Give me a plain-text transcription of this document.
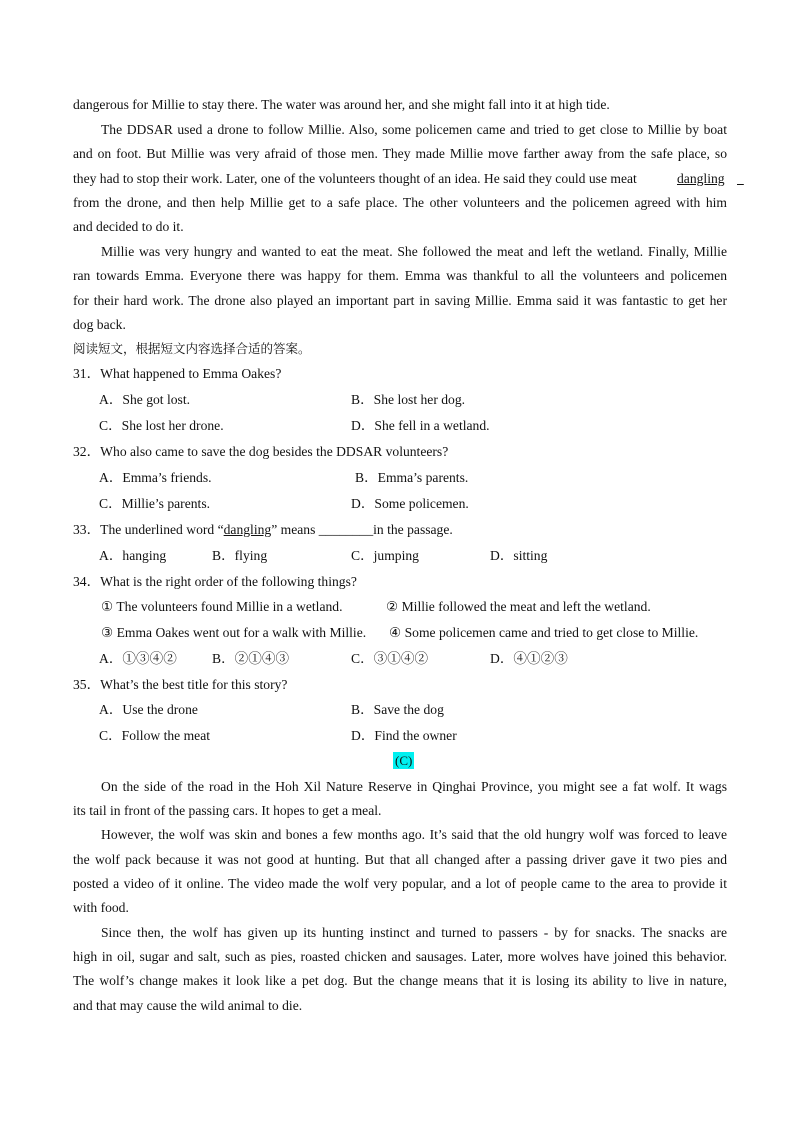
dangerous for Millie to stay there. The water was around her, and she might fall into it at high tide.
The DDSAR used a drone to follow Millie. Also, some policemen came and tried to get close to Millie by boat
and on foot. But Millie was very afraid of those men. They made Millie move farther away from the safe place, so
they had to stop their work. Later, one of the volunteers thought of an idea. He said they could use meat	dangling

from the drone, and then help Millie get to a safe place. The other volunteers and the policemen agreed with him
and decided to do it.
Millie was very hungry and wanted to eat the meat. She followed the meat and left the wetland. Finally, Millie
ran towards Emma. Everyone there was happy for them. Emma was thankful to all the volunteers and policemen
for their hard work. The drone also played an important part in saving Millie. Emma said it was fantastic to get her
dog back.
阅读短文，根据短文内容选择合适的答案。
31．What happened to Emma Oakes?
A．She got lost.	B．She lost her dog.
C．She lost her drone.	D．She fell in a wetland.
32．Who also came to save the dog besides the DDSAR volunteers?
A．Emma’s friends.	B．Emma’s parents.
C．Millie’s parents.	D．Some policemen.
33．The underlined word “dangling” means ________in the passage.
A．hanging	B．flying	C．jumping	D．sitting
34．What is the right order of the following things?
① The volunteers found Millie in a wetland.	② Millie followed the meat and left the wetland.
③ Emma Oakes went out for a walk with Millie. ④ Some policemen came and tried to get close to Millie.
A．①③④②	B．②①④③	C．③①④②	D．④①②③
35．What’s the best title for this story?
A．Use the drone	B．Save the dog
C．Follow the meat	D．Find the owner
(C)
On the side of the road in the Hoh Xil Nature Reserve in Qinghai Province, you might see a fat wolf. It wags
its tail in front of the passing cars. It hopes to get a meal.
However, the wolf was skin and bones a few months ago. It’s said that the old hungry wolf was forced to leave
the wolf pack because it was not good at hunting. But that all changed after a passing driver gave it two pies and
posted a video of it online. The video made the wolf very popular, and a lot of people came to the area to provide it
with food.
Since then, the wolf has given up its hunting instinct and turned to passers - by for snacks. The snacks are
high in oil, sugar and salt, such as pies, roasted chicken and sausages. Later, more wolves have joined this behavior.
The wolf’s change makes it look like a pet dog. But the change means that it is losing its ability to live in nature,
and that may cause the wild animal to die.
